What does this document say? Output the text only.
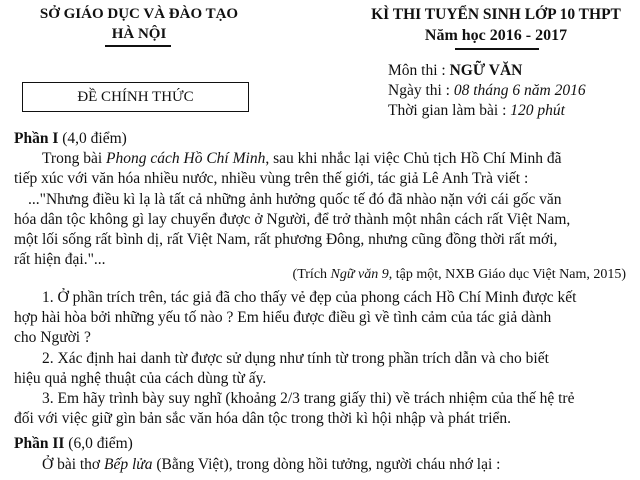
SỞ GIÁO DỤC VÀ ĐÀO TẠO
HÀ NỘI
KÌ THI TUYỂN SINH LỚP 10 THPT
Năm học 2016 - 2017
ĐỀ CHÍNH THỨC
Môn thi : NGỮ VĂN
Ngày thi : 08 tháng 6 năm 2016
Thời gian làm bài : 120 phút
Phần I (4,0 điểm)
Trong bài Phong cách Hồ Chí Minh, sau khi nhắc lại việc Chủ tịch Hồ Chí Minh đã
tiếp xúc với văn hóa nhiều nước, nhiều vùng trên thế giới, tác giả Lê Anh Trà viết :
..."Nhưng điều kì lạ là tất cả những ảnh hưởng quốc tế đó đã nhào nặn với cái gốc văn
hóa dân tộc không gì lay chuyển được ở Người, để trở thành một nhân cách rất Việt Nam,
một lối sống rất bình dị, rất Việt Nam, rất phương Đông, nhưng cũng đồng thời rất mới,
rất hiện đại."...
(Trích Ngữ văn 9, tập một, NXB Giáo dục Việt Nam, 2015)
1. Ở phần trích trên, tác giả đã cho thấy vẻ đẹp của phong cách Hồ Chí Minh được kết
hợp hài hòa bởi những yếu tố nào ? Em hiểu được điều gì về tình cảm của tác giả dành
cho Người ?
2. Xác định hai danh từ được sử dụng như tính từ trong phần trích dẫn và cho biết
hiệu quả nghệ thuật của cách dùng từ ấy.
3. Em hãy trình bày suy nghĩ (khoảng 2/3 trang giấy thi) về trách nhiệm của thế hệ trẻ
đối với việc giữ gìn bản sắc văn hóa dân tộc trong thời kì hội nhập và phát triển.
Phần II (6,0 điểm)
Ở bài thơ Bếp lửa (Bằng Việt), trong dòng hồi tưởng, người cháu nhớ lại :
